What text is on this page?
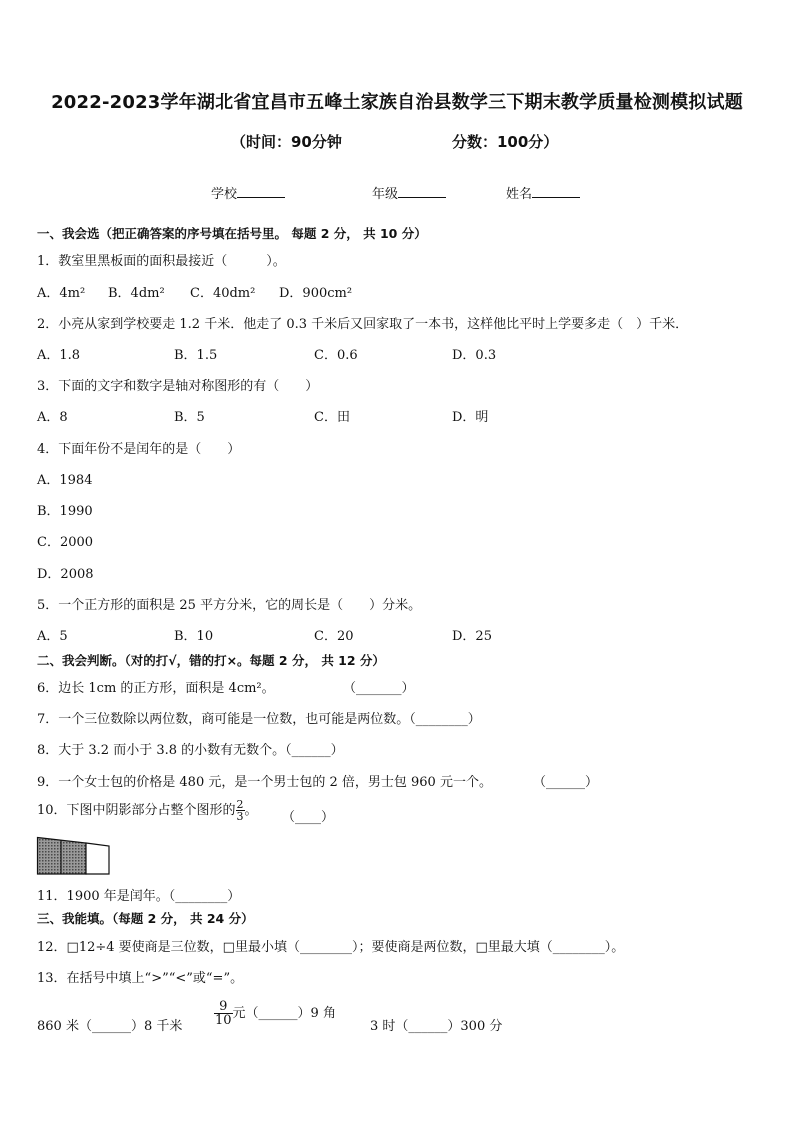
2022-2023学年湖北省宜昌市五峰土家族自治县数学三下期末教学质量检测模拟试题
（时间：90分钟	分数：100分）
学校	年级	姓名
一、我会选（把正确答案的序号填在括号里。 每题 2 分， 共 10 分）
1．教室里黑板面的面积最接近（　　　）。
A．4m² B．4dm² C．40dm² D．900cm²
2．小亮从家到学校要走 1.2 千米．他走了 0.3 千米后又回家取了一本书，这样他比平时上学要多走（　）千米．
A．1.8	B．1.5	C．0.6	D．0.3
3．下面的文字和数字是轴对称图形的有（　　）
A．8	B．5	C．田	D．明
4．下面年份不是闰年的是（　　）
A．1984
B．1990
C．2000
D．2008
5．一个正方形的面积是 25 平方分米，它的周长是（　　）分米。
A．5	B．10	C．20	D．25
二、我会判断。（对的打√，错的打×。每题 2 分， 共 12 分）
6．边长 1cm 的正方形，面积是 4cm²。	（_______）
7．一个三位数除以两位数，商可能是一位数，也可能是两位数。（________）
8．大于 3.2 而小于 3.8 的小数有无数个。（______）
9．一个女士包的价格是 480 元，是一个男士包的 2 倍，男士包 960 元一个。	（______）
10．下图中阴影部分占整个图形的 $\frac{2}{3}$ 。 （____）
11．1900 年是闰年。（________）
三、我能填。（每题 2 分， 共 24 分）
12．□12÷4 要使商是三位数，□里最小填（________）；要使商是两位数，□里最大填（________）。
13．在括号中填上“>”“<”或“=”。
860 米（______）8 千米 $\frac{9}{10}$ 元（______）9 角
3 时（______）300 分
